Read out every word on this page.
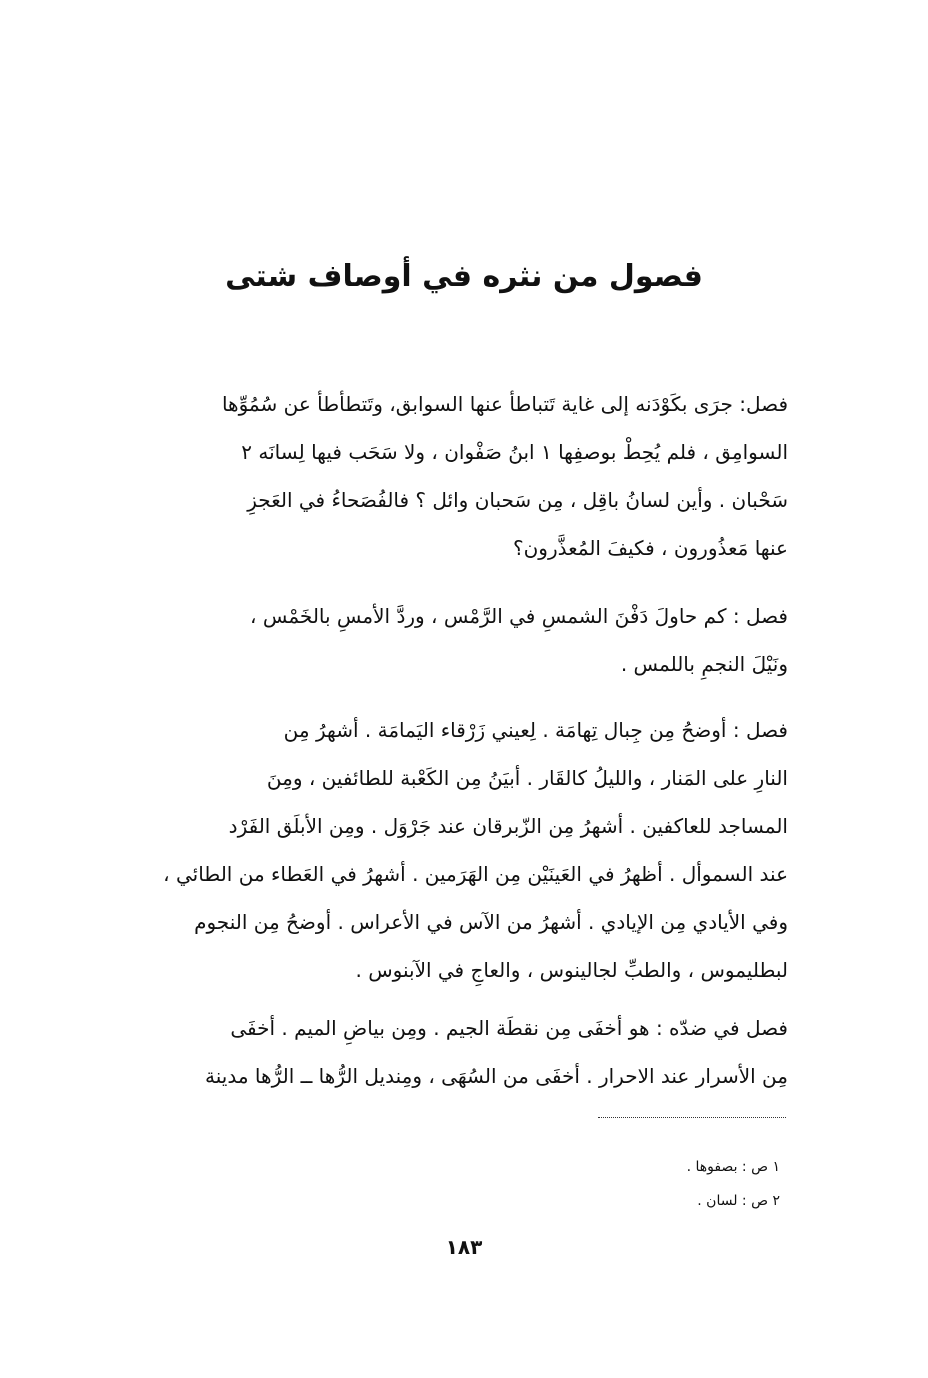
فصول من نثره في أوصاف شتى
فصل: جرَى بكَوْدَنه إلى غاية تَتباطأ عنها السوابق، وتَتطأطأ عن سُمُوِّها
السوامِق ، فلم يُحِطْ بوصفِها ١ ابنُ صَفْوان ، ولا سَحَب فيها لِسانَه ٢
سَحْبان . وأين لسانُ باقِل ، مِن سَحبان وائل ؟ فالفُصَحاءُ في العَجزِ
عنها مَعذُورون ، فكيفَ المُعذَّرون؟
فصل : كم حاولَ دَفْنَ الشمسِ في الرَّمْس ، وردَّ الأمسِ بالخَمْس ،
ونَيْلَ النجمِ باللمس .
فصل : أوضحُ مِن جِبال تِهامَة . لِعيني زَرْقاء اليَمامَة . أشهرُ مِن
النارِ على المَنار ، والليلُ كالقَار . أبيَنُ مِن الكَعْبة للطائفين ، ومِنَ
المساجد للعاكفين . أشهرُ مِن الزّبرقان عند جَرْوَل . ومِن الأبلَق الفَرْد
عند السموأل . أظهرُ في العَينَيْن مِن الهَرَمين . أشهرُ في العَطاء من الطائي ،
وفي الأيادي مِن الإيادي . أشهرُ من الآس في الأعراس . أوضحُ مِن النجوم
لبطليموس ، والطبِّ لجالينوس ، والعاجِ في الآبنوس .
فصل في ضدّه : هو أخفَى مِن نقطَة الجيم . ومِن بياضِ الميم . أخفَى
مِن الأسرار عند الاحرار . أخفَى من السُهَى ، ومِنديل الرُّها ــ الرُّها مدينة
١ ص : بصفوها .
٢ ص : لسان .
١٨٣
